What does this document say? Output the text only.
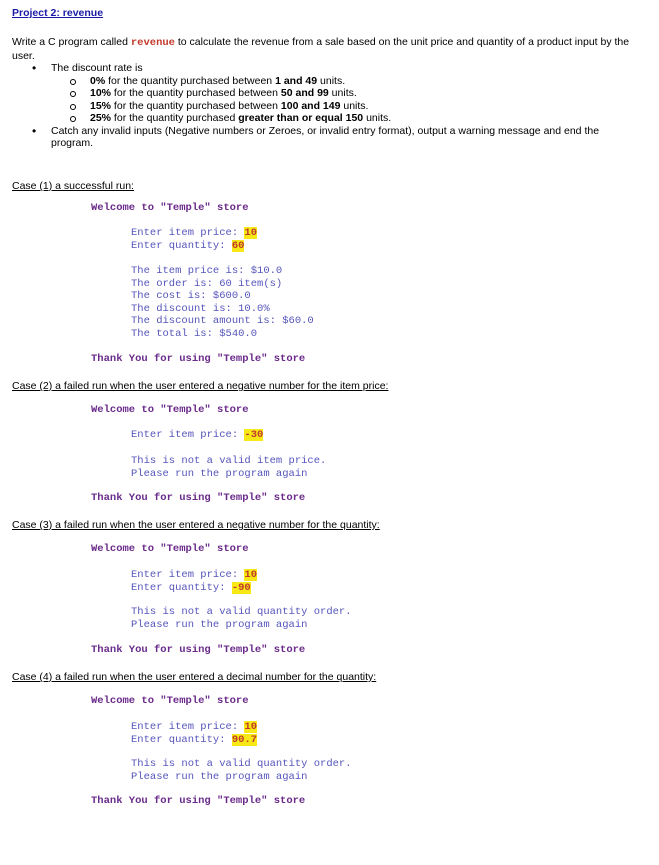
Project 2: revenue
Write a C program called revenue to calculate the revenue from a sale based on the unit price and quantity of a product input by the user.
• The discount rate is
0% for the quantity purchased between 1 and 49 units.
10% for the quantity purchased between 50 and 99 units.
15% for the quantity purchased between 100 and 149 units.
25% for the quantity purchased greater than or equal 150 units.
• Catch any invalid inputs (Negative numbers or Zeroes, or invalid entry format), output a warning message and end the program.
Case (1) a successful run:
Welcome to "Temple" store
Enter item price: 10
Enter quantity: 60
The item price is: $10.0
The order is: 60 item(s)
The cost is: $600.0
The discount is: 10.0%
The discount amount is: $60.0
The total is: $540.0
Thank You for using "Temple" store
Case (2) a failed run when the user entered a negative number for the item price:
Welcome to "Temple" store
Enter item price: -30
This is not a valid item price.
Please run the program again
Thank You for using "Temple" store
Case (3) a failed run when the user entered a negative number for the quantity:
Welcome to "Temple" store
Enter item price: 10
Enter quantity: -90
This is not a valid quantity order.
Please run the program again
Thank You for using "Temple" store
Case (4) a failed run when the user entered a decimal number for the quantity:
Welcome to "Temple" store
Enter item price: 10
Enter quantity: 90.7
This is not a valid quantity order.
Please run the program again
Thank You for using "Temple" store
